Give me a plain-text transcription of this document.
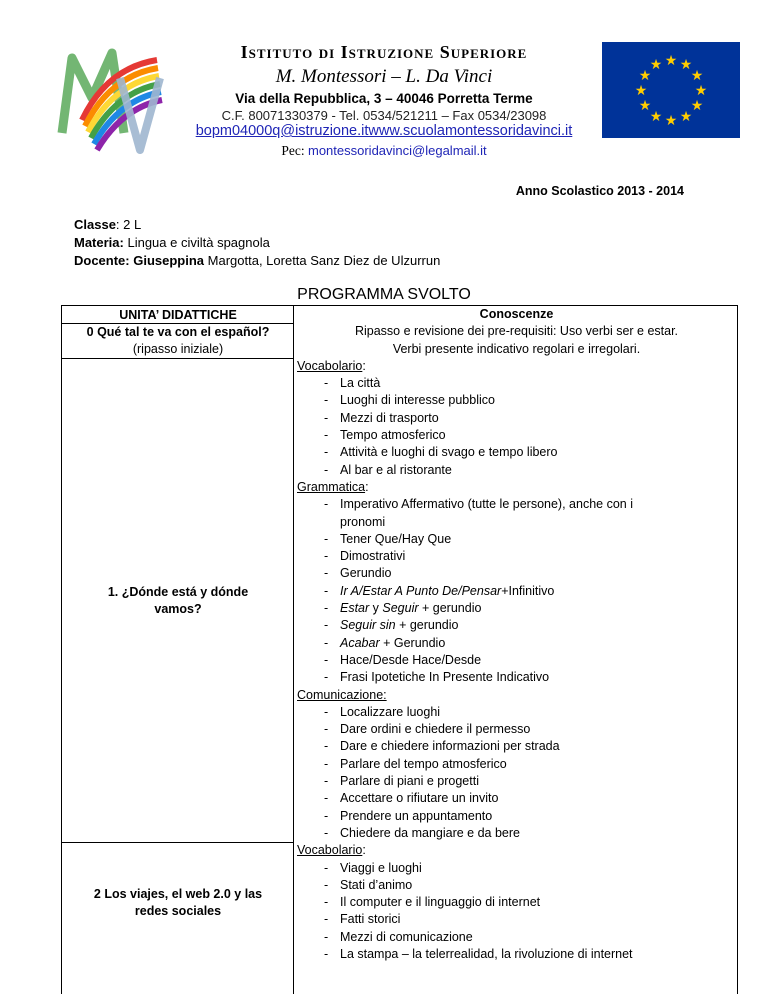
★ ★
★
★
★
★
★
★
★
★
★
★
Istituto di Istruzione Superiore
M. Montessori – L. Da Vinci
Via della Repubblica, 3 – 40046 Porretta Terme
C.F. 80071330379 - Tel. 0534/521211 – Fax 0534/23098
bopm04000q@istruzione.itwww.scuolamontessoridavinci.it
Pec: montessoridavinci@legalmail.it
Anno Scolastico 2013 - 2014
Classe: 2 L
Materia: Lingua e civiltà spagnola
Docente: Giuseppina Margotta, Loretta Sanz Diez de Ulzurrun
PROGRAMMA SVOLTO
UNITA’ DIDATTICHE
0 Qué tal te va con el español? (ripasso iniziale)
1. ¿Dónde está y dónde vamos?
2 Los viajes, el web 2.0 y las redes sociales
Conoscenze
Ripasso e revisione dei pre-requisiti: Uso verbi ser e estar.
Verbi presente indicativo regolari e irregolari.
Vocabolario:
- La città
- Luoghi di interesse pubblico
- Mezzi di trasporto
- Tempo atmosferico
- Attività e luoghi di svago e tempo libero
- Al bar e al ristorante
Grammatica:
- Imperativo Affermativo (tutte le persone), anche con i
pronomi
- Tener Que/Hay Que
- Dimostrativi
- Gerundio
- Ir A/Estar A Punto De/Pensar+Infinitivo
- Estar y Seguir + gerundio
- Seguir sin + gerundio
- Acabar + Gerundio
- Hace/Desde Hace/Desde
- Frasi Ipotetiche In Presente Indicativo
Comunicazione:
- Localizzare luoghi
- Dare ordini e chiedere il permesso
- Dare e chiedere informazioni per strada
- Parlare del tempo atmosferico
- Parlare di piani e progetti
- Accettare o rifiutare un invito
- Prendere un appuntamento
- Chiedere da mangiare e da bere
Vocabolario:
- Viaggi e luoghi
- Stati d’animo
- Il computer e il linguaggio di internet
- Fatti storici
- Mezzi di comunicazione
- La stampa – la telerrealidad, la rivoluzione di internet
